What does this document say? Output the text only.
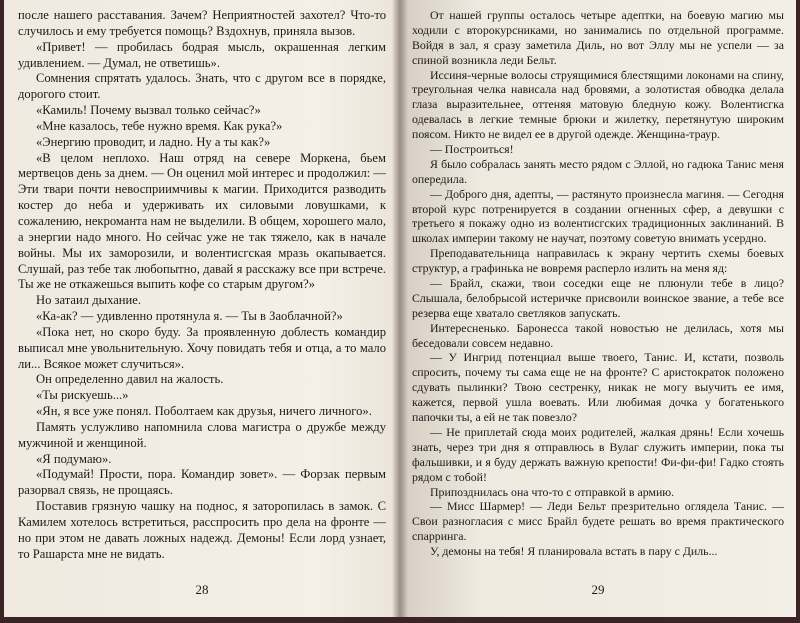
после нашего расставания. Зачем? Неприятностей захотел? Что-то случилось и ему требуется помощь? Вздохнув, приняла вызов.

«Привет! — пробилась бодрая мысль, окрашенная легким удивлением. — Думал, не ответишь».

Сомнения спрятать удалось. Знать, что с другом все в порядке, дорогого стоит.

«Камиль! Почему вызвал только сейчас?»

«Мне казалось, тебе нужно время. Как рука?»

«Энергию проводит, и ладно. Ну а ты как?»

«В целом неплохо. Наш отряд на севере Моркена, бьем мертвецов день за днем. — Он оценил мой интерес и продолжил: — Эти твари почти невосприимчивы к магии. Приходится разводить костер до неба и удерживать их силовыми ловушками, к сожалению, некроманта нам не выделили. В общем, хорошего мало, а энергии надо много. Но сейчас уже не так тяжело, как в начале войны. Мы их заморозили, и волентисгская мразь окапывается. Слушай, раз тебе так любопытно, давай я расскажу все при встрече. Ты же не откажешься выпить кофе со старым другом?»

Но затаил дыхание.

«Ка-ак? — удивленно протянула я. — Ты в Заоблачной?»

«Пока нет, но скоро буду. За проявленную доблесть командир выписал мне увольнительную. Хочу повидать тебя и отца, а то мало ли... Всякое может случиться».

Он определенно давил на жалость.

«Ты рискуешь...»

«Ян, я все уже понял. Поболтаем как друзья, ничего личного».

Память услужливо напомнила слова магистра о дружбе между мужчиной и женщиной.

«Я подумаю».

«Подумай! Прости, пора. Командир зовет». — Форзак первым разорвал связь, не прощаясь.

Поставив грязную чашку на поднос, я заторопилась в замок. С Камилем хотелось встретиться, расспросить про дела на фронте — но при этом не давать ложных надежд. Демоны! Если лорд узнает, то Рашарста мне не видать.

28

От нашей группы осталось четыре адептки, на боевую магию мы ходили с второкурсниками, но занимались по отдельной программе. Войдя в зал, я сразу заметила Диль, но вот Эллу мы не успели — за спиной возникла леди Бельт.

Иссиня-черные волосы струящимися блестящими локонами на спину, треугольная челка нависала над бровями, а золотистая обводка делала глаза выразительнее, оттеняя матовую бледную кожу. Волентисгка одевалась в легкие темные брюки и жилетку, перетянутую широким поясом. Никто не видел ее в другой одежде. Женщина-траур.

— Построиться!

Я было собралась занять место рядом с Эллой, но гадюка Танис меня опередила.

— Доброго дня, адепты, — растянуто произнесла магиня. — Сегодня второй курс потренируется в создании огненных сфер, а девушки с третьего я покажу одно из волентисгских традиционных заклинаний. В школах империи такому не научат, поэтому советую внимать усердно.

Преподавательница направилась к экрану чертить схемы боевых структур, а графинька не вовремя расперло излить на меня яд:

— Брайл, скажи, твои соседки еще не плюнули тебе в лицо? Слышала, белобрысой истеричке присвоили воинское звание, а тебе все резерва еще хватало светляков запускать.

Интересненько. Баронесса такой новостью не делилась, хотя мы беседовали совсем недавно.

— У Ингрид потенциал выше твоего, Танис. И, кстати, позволь спросить, почему ты сама еще не на фронте? С аристократок положено сдувать пылинки? Твою сестренку, никак не могу выучить ее имя, кажется, первой ушла воевать. Или любимая дочка у богатенького папочки ты, а ей не так повезло?

— Не приплетай сюда моих родителей, жалкая дрянь! Если хочешь знать, через три дня я отправлюсь в Вулаг служить империи, пока ты фальшивки, и я буду держать важную крепости! Фи-фи-фи! Гадко стоять рядом с тобой!

Припозднилась она что-то с отправкой в армию.

— Мисс Шармер! — Леди Бельт презрительно оглядела Танис. — Свои разногласия с мисс Брайл будете решать во время практического спарринга.

У, демоны на тебя! Я планировала встать в пару с Диль...

29
